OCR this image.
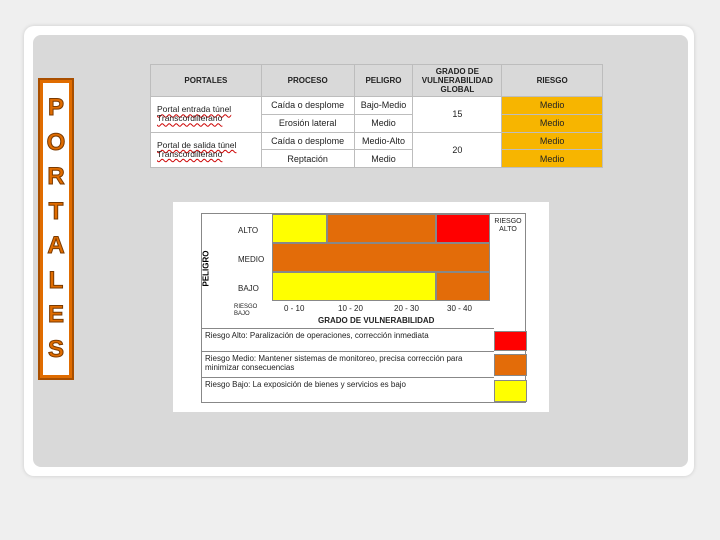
P
O
R
T
A
L
E
S
PORTALES	PROCESO	PELIGRO	GRADO DE VULNERABILIDAD GLOBAL	RIESGO
Portal entrada túnel Transcordillerano	Caída o desplome	Bajo-Medio	15	Medio
	Erosión lateral	Medio		Medio
Portal de salida túnel Transcordillerano	Caída o desplome	Medio-Alto	20	Medio
	Reptación	Medio		Medio
PELIGRO
ALTO
MEDIO
BAJO
RIESGO ALTO
RIESGO BAJO
0 - 10	10 - 20	20 - 30	30 - 40
GRADO DE VULNERABILIDAD
Riesgo Alto: Paralización de operaciones, corrección inmediata
Riesgo Medio: Mantener sistemas de monitoreo, precisa corrección para minimizar consecuencias
Riesgo Bajo: La exposición de bienes y servicios es bajo
